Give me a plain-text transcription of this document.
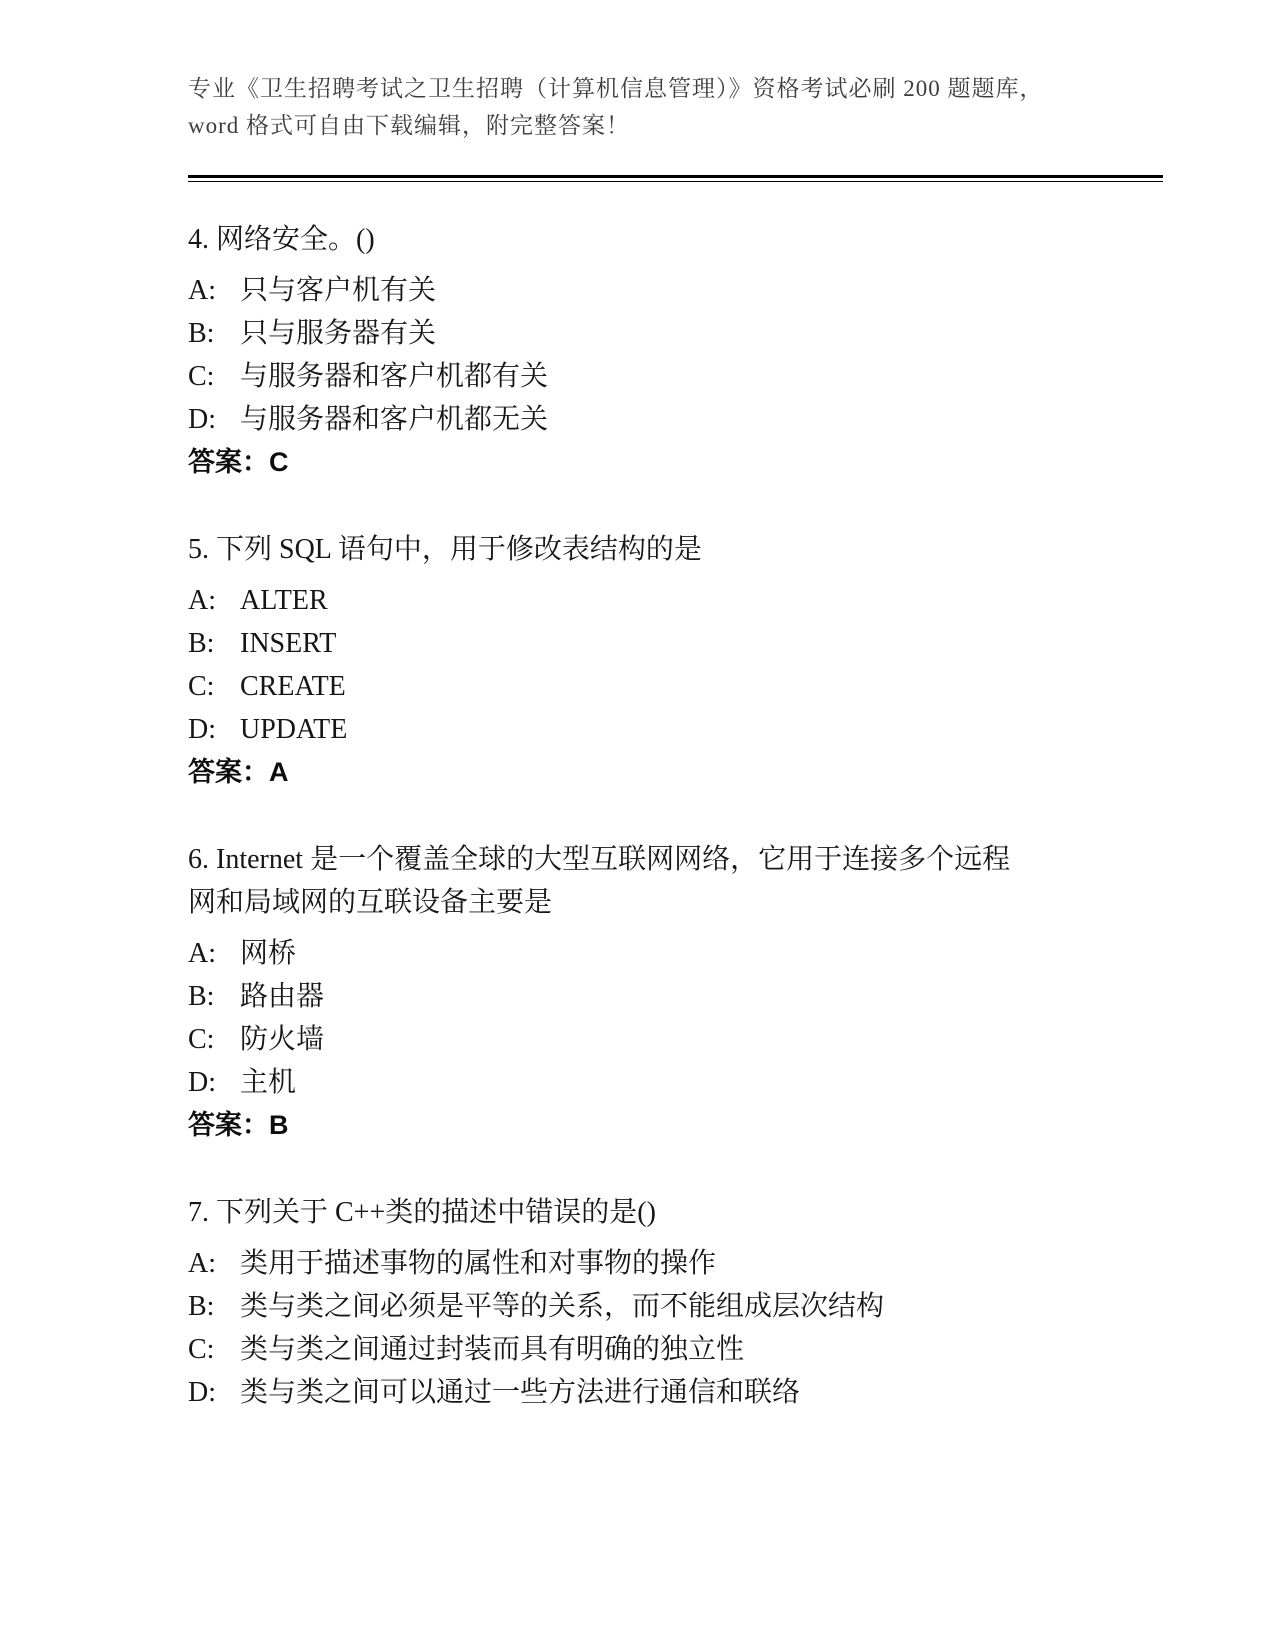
专业《卫生招聘考试之卫生招聘（计算机信息管理）》资格考试必刷 200 题题库，
word 格式可自由下载编辑，附完整答案！
4. 网络安全。()
A: 只与客户机有关
B: 只与服务器有关
C: 与服务器和客户机都有关
D: 与服务器和客户机都无关
答案：C
5. 下列 SQL 语句中，用于修改表结构的是
A: ALTER
B: INSERT
C: CREATE
D: UPDATE
答案：A
6. Internet 是一个覆盖全球的大型互联网网络，它用于连接多个远程
网和局域网的互联设备主要是
A: 网桥
B: 路由器
C: 防火墙
D: 主机
答案：B
7. 下列关于 C++类的描述中错误的是()
A: 类用于描述事物的属性和对事物的操作
B: 类与类之间必须是平等的关系，而不能组成层次结构
C: 类与类之间通过封装而具有明确的独立性
D: 类与类之间可以通过一些方法进行通信和联络
